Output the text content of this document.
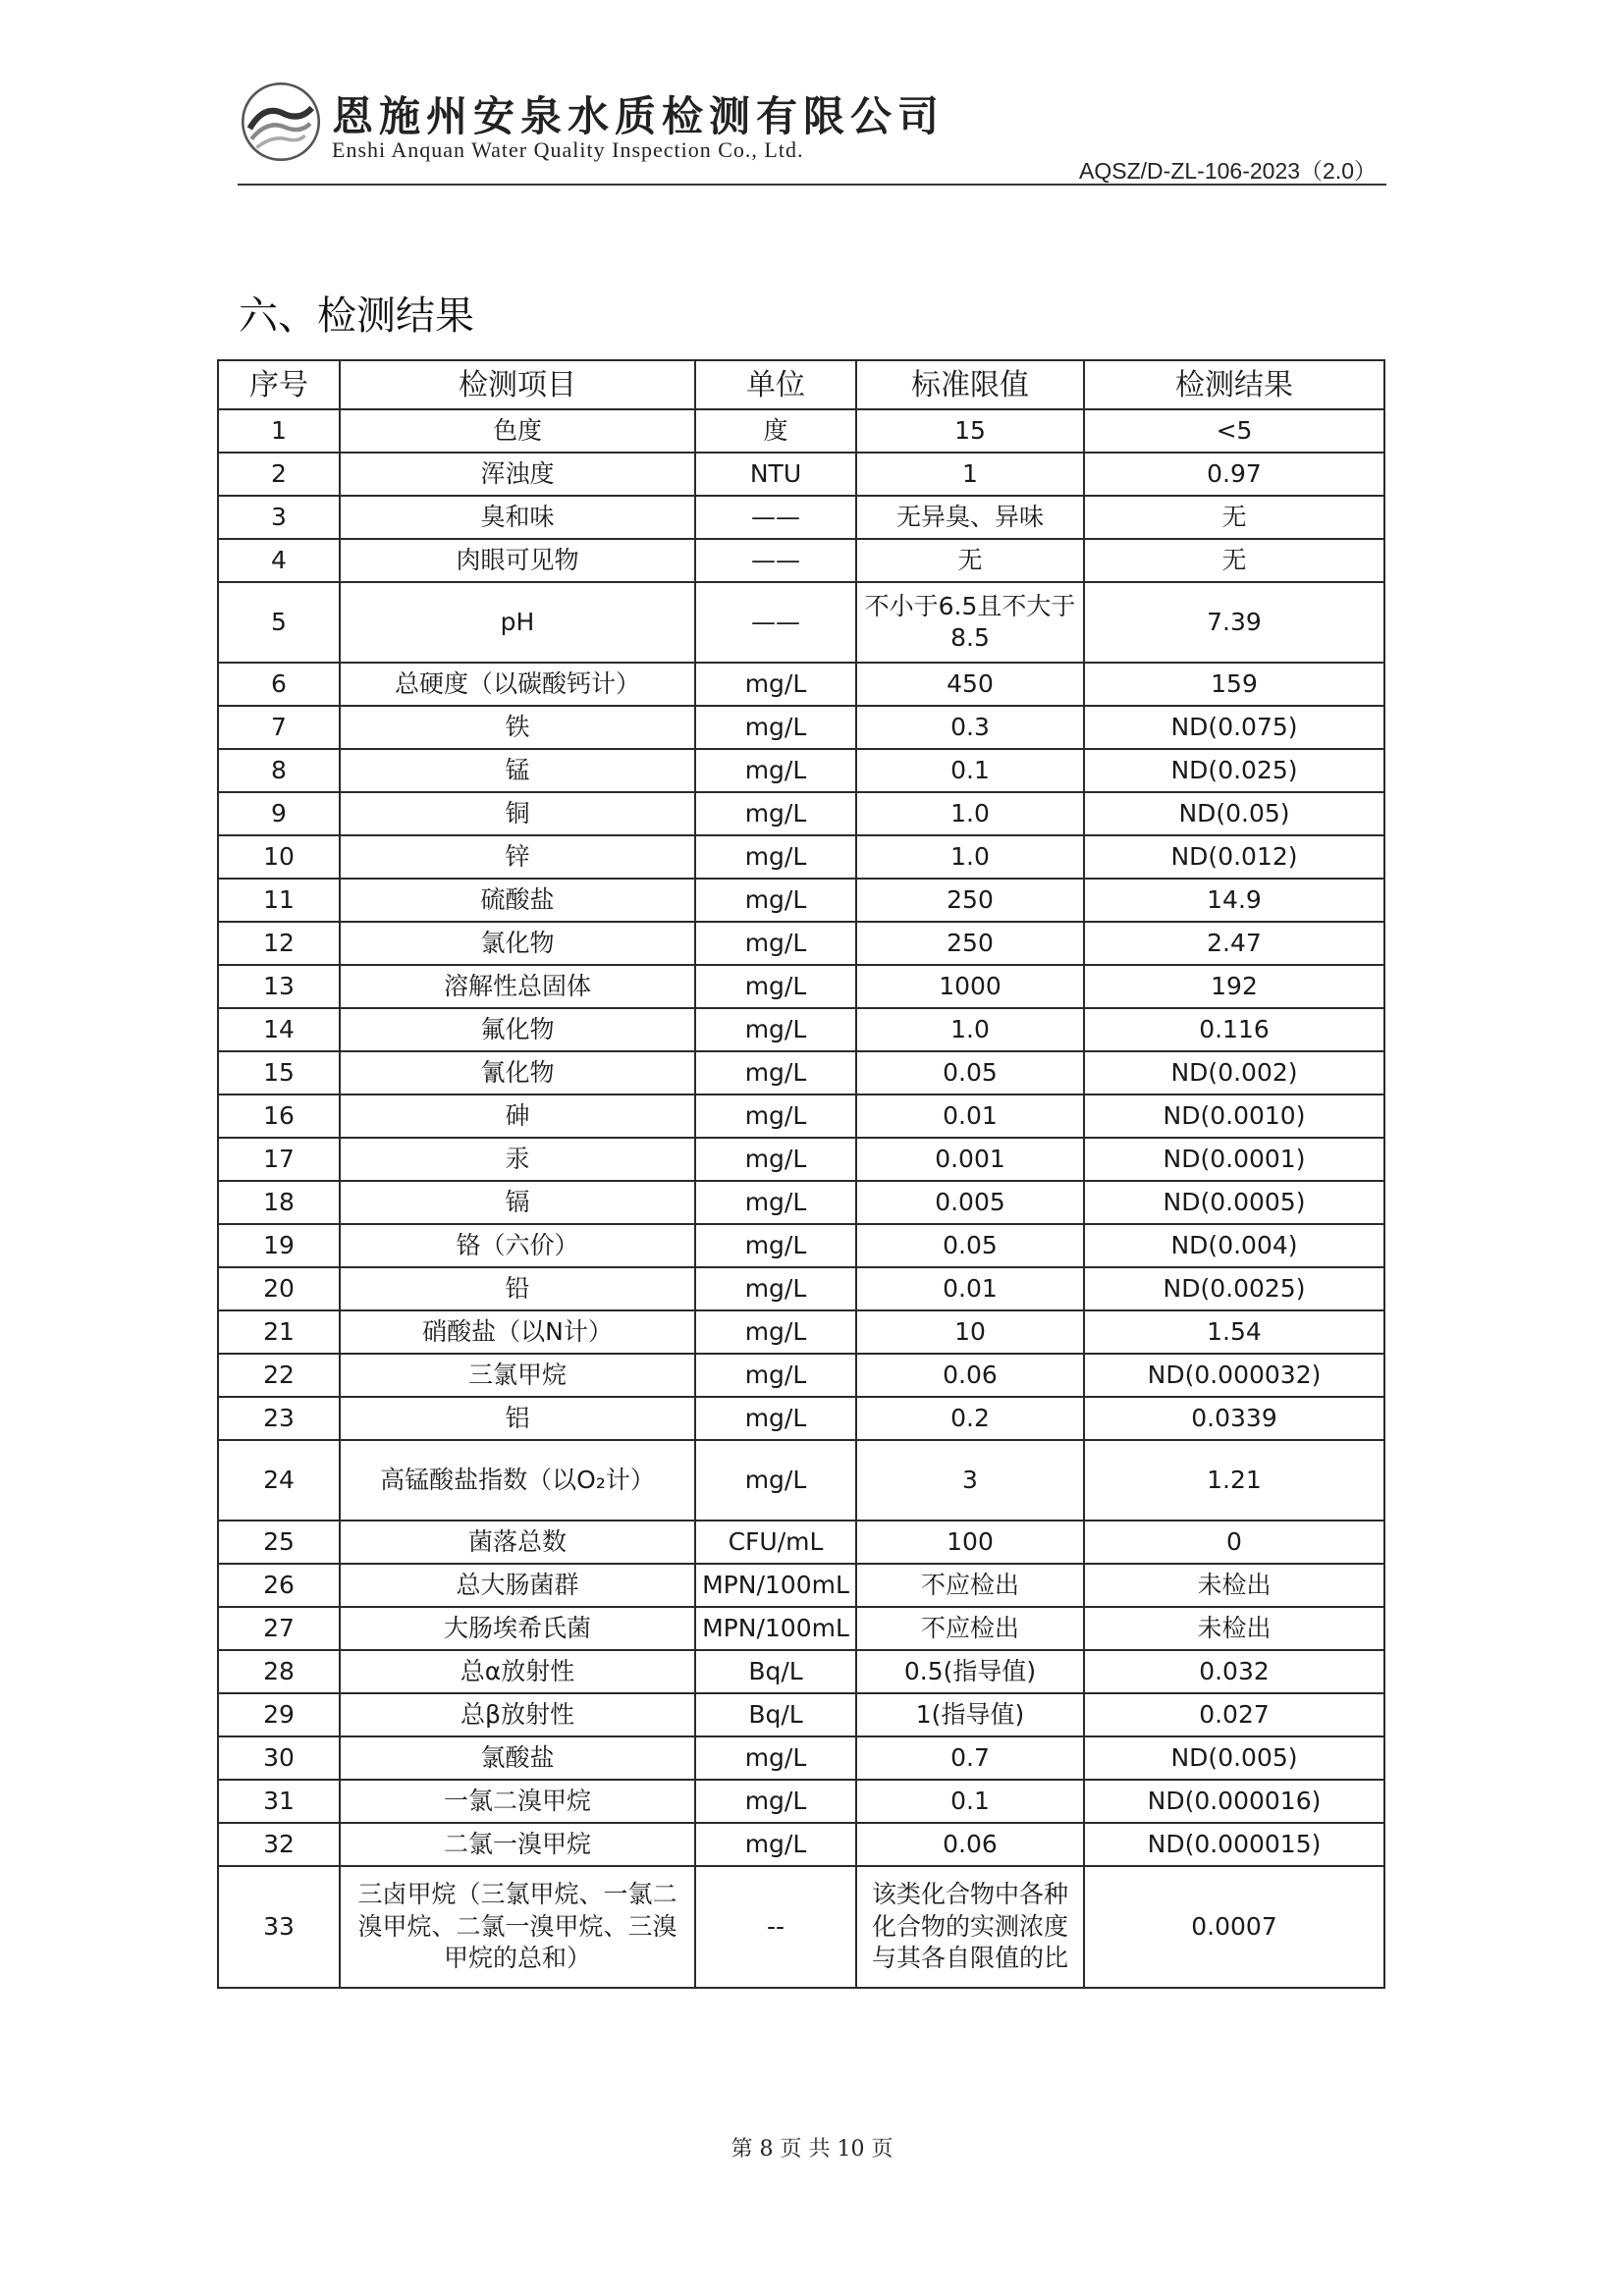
恩施州安泉水质检测有限公司
Enshi Anquan Water Quality Inspection Co., Ltd.
AQSZ/D-ZL-106-2023（2.0）
六、检测结果
序号	检测项目	单位	标准限值	检测结果
1	色度	度	15	<5
2	浑浊度	NTU	1	0.97
3	臭和味	——	无异臭、异味	无
4	肉眼可见物	——	无	无
5	pH	——	不小于6.5且不大于8.5	7.39
6	总硬度（以碳酸钙计）	mg/L	450	159
7	铁	mg/L	0.3	ND(0.075)
8	锰	mg/L	0.1	ND(0.025)
9	铜	mg/L	1.0	ND(0.05)
10	锌	mg/L	1.0	ND(0.012)
11	硫酸盐	mg/L	250	14.9
12	氯化物	mg/L	250	2.47
13	溶解性总固体	mg/L	1000	192
14	氟化物	mg/L	1.0	0.116
15	氰化物	mg/L	0.05	ND(0.002)
16	砷	mg/L	0.01	ND(0.0010)
17	汞	mg/L	0.001	ND(0.0001)
18	镉	mg/L	0.005	ND(0.0005)
19	铬（六价）	mg/L	0.05	ND(0.004)
20	铅	mg/L	0.01	ND(0.0025)
21	硝酸盐（以N计）	mg/L	10	1.54
22	三氯甲烷	mg/L	0.06	ND(0.000032)
23	铝	mg/L	0.2	0.0339
24	高锰酸盐指数（以O₂计）	mg/L	3	1.21
25	菌落总数	CFU/mL	100	0
26	总大肠菌群	MPN/100mL	不应检出	未检出
27	大肠埃希氏菌	MPN/100mL	不应检出	未检出
28	总α放射性	Bq/L	0.5(指导值)	0.032
29	总β放射性	Bq/L	1(指导值)	0.027
30	氯酸盐	mg/L	0.7	ND(0.005)
31	一氯二溴甲烷	mg/L	0.1	ND(0.000016)
32	二氯一溴甲烷	mg/L	0.06	ND(0.000015)
33	三卤甲烷（三氯甲烷、一氯二溴甲烷、二氯一溴甲烷、三溴甲烷的总和）	--	该类化合物中各种化合物的实测浓度与其各自限值的比	0.0007
第 8 页 共 10 页
